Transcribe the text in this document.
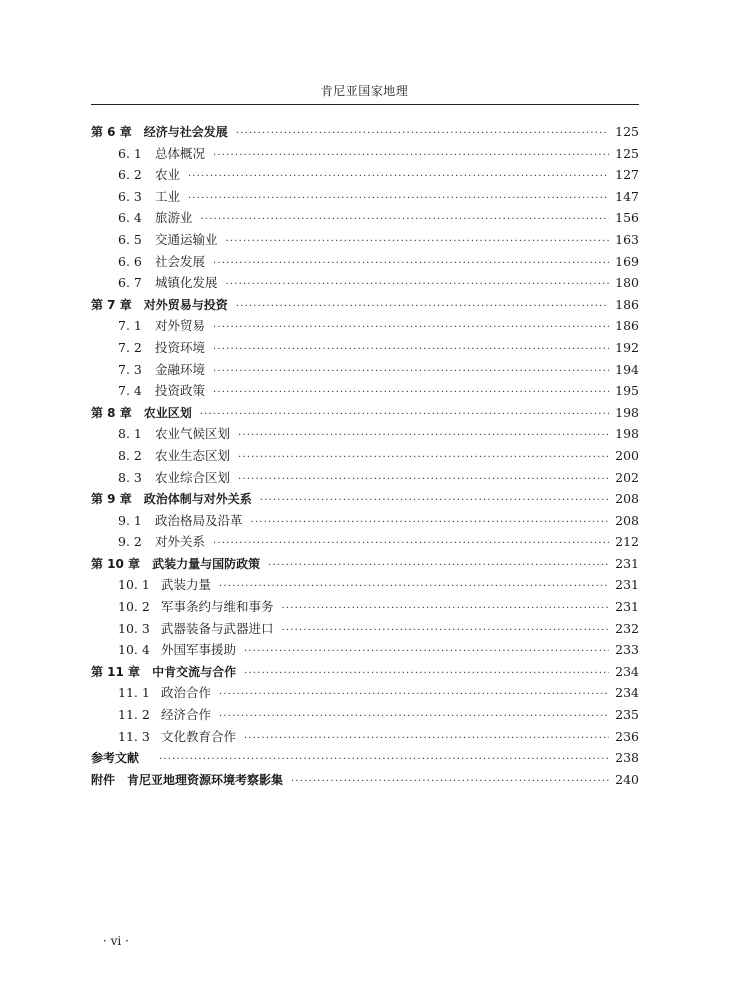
肯尼亚国家地理
第 6 章 经济与社会发展 ·····	125
6. 1	总体概况 ·····	125
6. 2	农业 ·····	127
6. 3	工业 ·····	147
6. 4	旅游业 ·····	156
6. 5	交通运输业 ·····	163
6. 6	社会发展 ·····	169
6. 7	城镇化发展 ·····	180
第 7 章 对外贸易与投资 ·····	186
7. 1	对外贸易 ·····	186
7. 2	投资环境 ·····	192
7. 3	金融环境 ·····	194
7. 4	投资政策 ·····	195
第 8 章 农业区划 ·····	198
8. 1	农业气候区划 ·····	198
8. 2	农业生态区划 ·····	200
8. 3	农业综合区划 ·····	202
第 9 章 政治体制与对外关系 ·····	208
9. 1	政治格局及沿革 ·····	208
9. 2	对外关系 ·····	212
第 10 章 武装力量与国防政策 ·····	231
10. 1 武装力量 ·····	231
10. 2 军事条约与维和事务 ·····	231
10. 3 武器装备与武器进口 ·····	232
10. 4 外国军事援助 ·····	233
第 11 章 中肯交流与合作 ·····	234
11. 1 政治合作 ·····	234
11. 2 经济合作 ·····	235
11. 3 文化教育合作 ·····	236
参考文献 ·····	238
附件 肯尼亚地理资源环境考察影集 ·····	240
· vi ·
